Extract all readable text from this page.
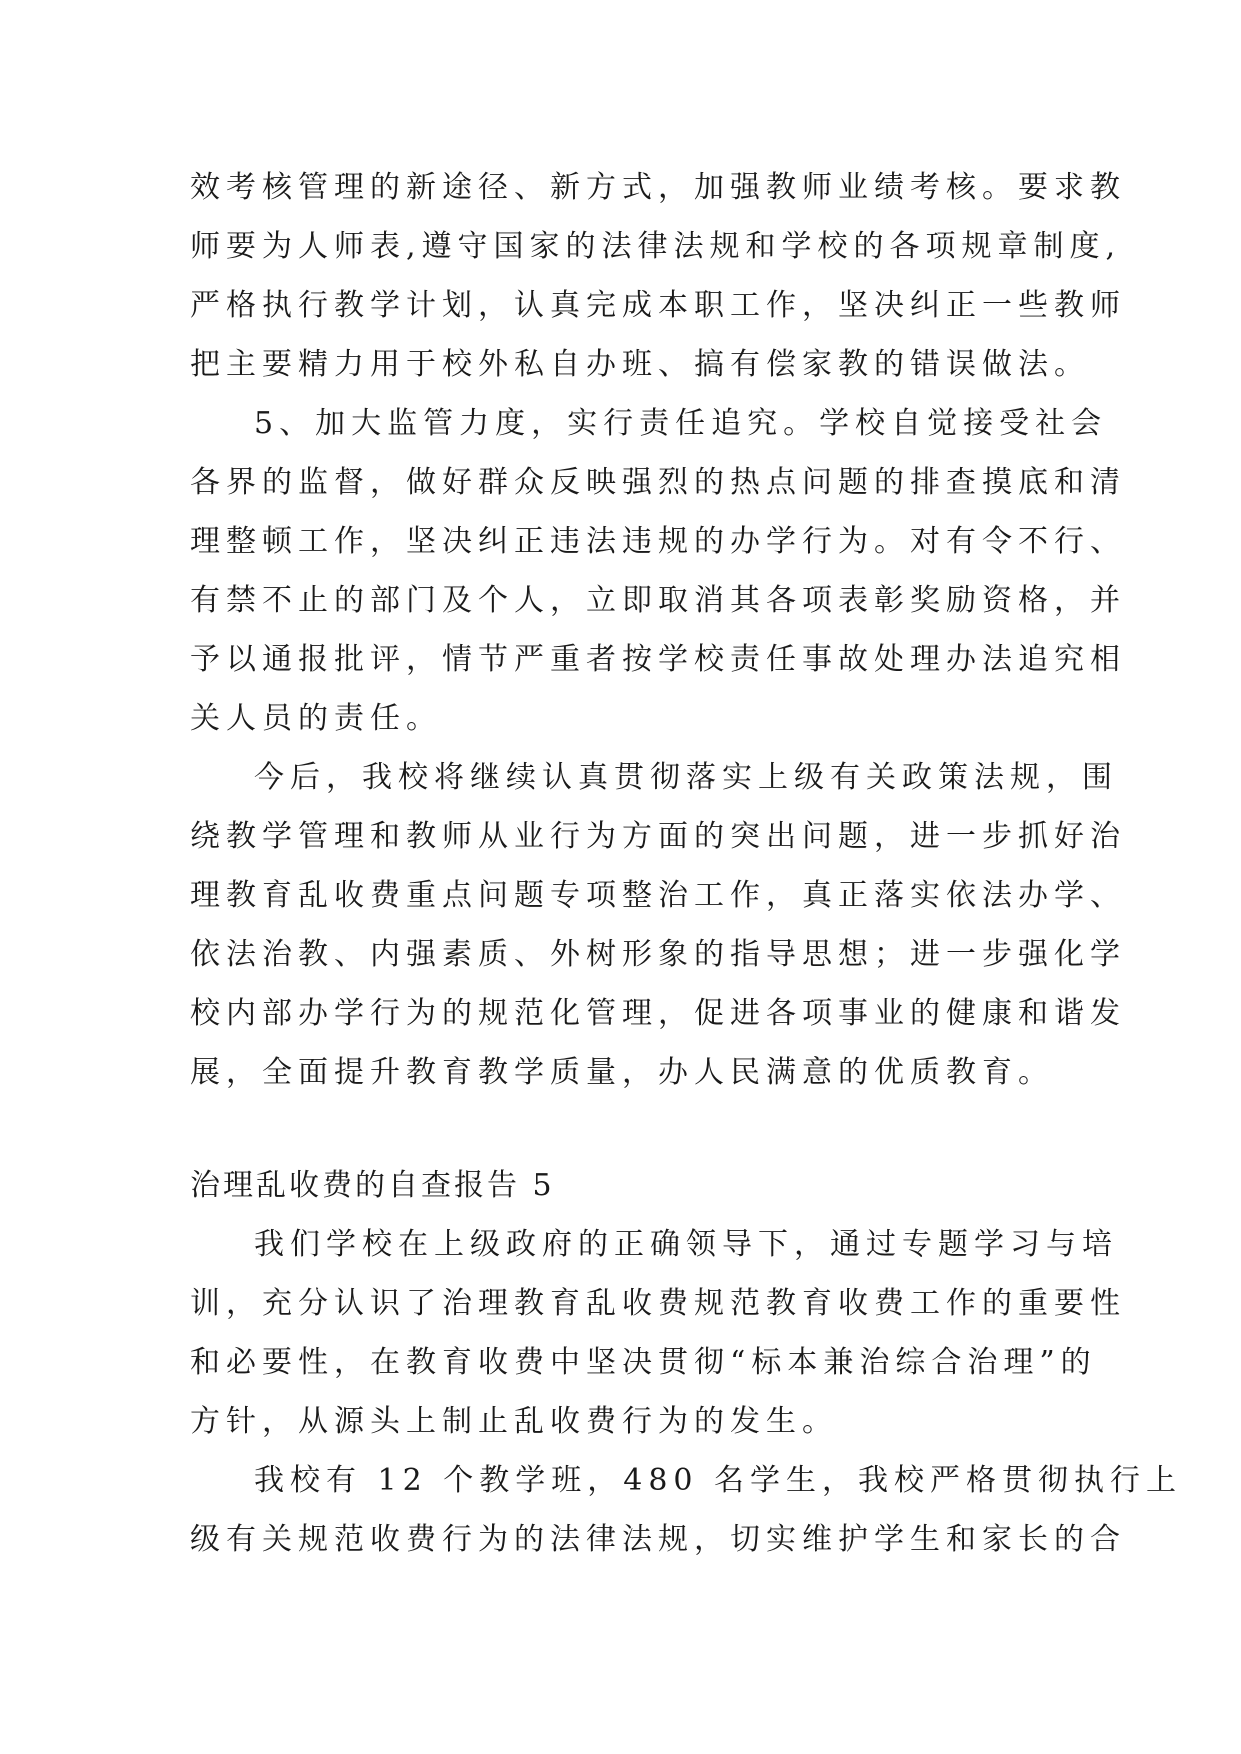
效考核管理的新途径、新方式，加强教师业绩考核。要求教
师要为人师表,遵守国家的法律法规和学校的各项规章制度,
严格执行教学计划，认真完成本职工作，坚决纠正一些教师
把主要精力用于校外私自办班、搞有偿家教的错误做法。
5、加大监管力度，实行责任追究。学校自觉接受社会
各界的监督，做好群众反映强烈的热点问题的排查摸底和清
理整顿工作，坚决纠正违法违规的办学行为。对有令不行、
有禁不止的部门及个人，立即取消其各项表彰奖励资格，并
予以通报批评，情节严重者按学校责任事故处理办法追究相
关人员的责任。
今后，我校将继续认真贯彻落实上级有关政策法规，围
绕教学管理和教师从业行为方面的突出问题，进一步抓好治
理教育乱收费重点问题专项整治工作，真正落实依法办学、
依法治教、内强素质、外树形象的指导思想；进一步强化学
校内部办学行为的规范化管理，促进各项事业的健康和谐发
展，全面提升教育教学质量，办人民满意的优质教育。
治理乱收费的自查报告 5
我们学校在上级政府的正确领导下，通过专题学习与培
训，充分认识了治理教育乱收费规范教育收费工作的重要性
和必要性，在教育收费中坚决贯彻“标本兼治综合治理”的
方针，从源头上制止乱收费行为的发生。
我校有 12 个教学班，480 名学生，我校严格贯彻执行上
级有关规范收费行为的法律法规，切实维护学生和家长的合
